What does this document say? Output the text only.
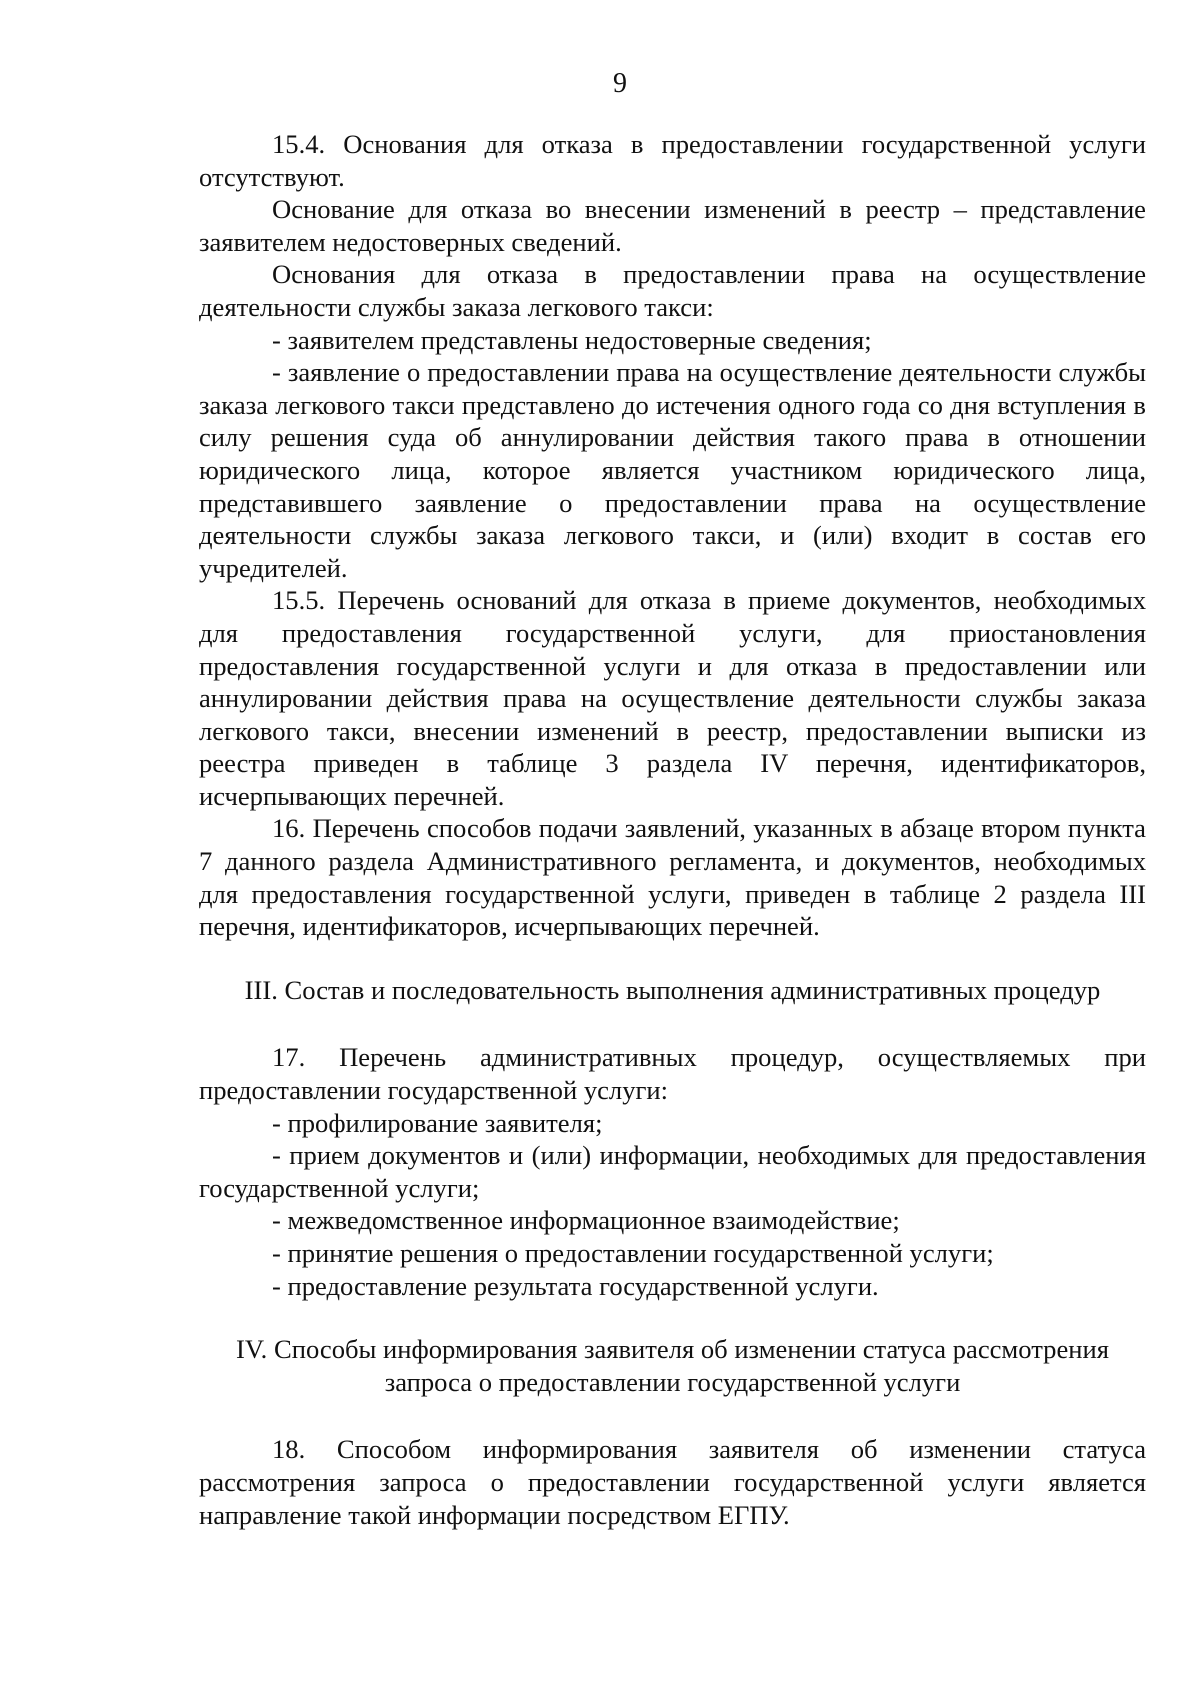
9

15.4. Основания для отказа в предоставлении государственной услуги отсутствуют.

Основание для отказа во внесении изменений в реестр – представление заявителем недостоверных сведений.

Основания для отказа в предоставлении права на осуществление деятельности службы заказа легкового такси:

- заявителем представлены недостоверные сведения;

- заявление о предоставлении права на осуществление деятельности службы заказа легкового такси представлено до истечения одного года со дня вступления в силу решения суда об аннулировании действия такого права в отношении юридического лица, которое является участником юридического лица, представившего заявление о предоставлении права на осуществление деятельности службы заказа легкового такси, и (или) входит в состав его учредителей.

15.5. Перечень оснований для отказа в приеме документов, необходимых для предоставления государственной услуги, для приостановления предоставления государственной услуги и для отказа в предоставлении или аннулировании действия права на осуществление деятельности службы заказа легкового такси, внесении изменений в реестр, предоставлении выписки из реестра приведен в таблице 3 раздела IV перечня, идентификаторов, исчерпывающих перечней.

16. Перечень способов подачи заявлений, указанных в абзаце втором пункта 7 данного раздела Административного регламента, и документов, необходимых для предоставления государственной услуги, приведен в таблице 2 раздела III перечня, идентификаторов, исчерпывающих перечней.

III. Состав и последовательность выполнения административных процедур

17. Перечень административных процедур, осуществляемых при предоставлении государственной услуги:

- профилирование заявителя;

- прием документов и (или) информации, необходимых для предоставления государственной услуги;

- межведомственное информационное взаимодействие;

- принятие решения о предоставлении государственной услуги;

- предоставление результата государственной услуги.

IV. Способы информирования заявителя об изменении статуса рассмотрения

запроса о предоставлении государственной услуги

18. Способом информирования заявителя об изменении статуса рассмотрения запроса о предоставлении государственной услуги является направление такой информации посредством ЕГПУ.
